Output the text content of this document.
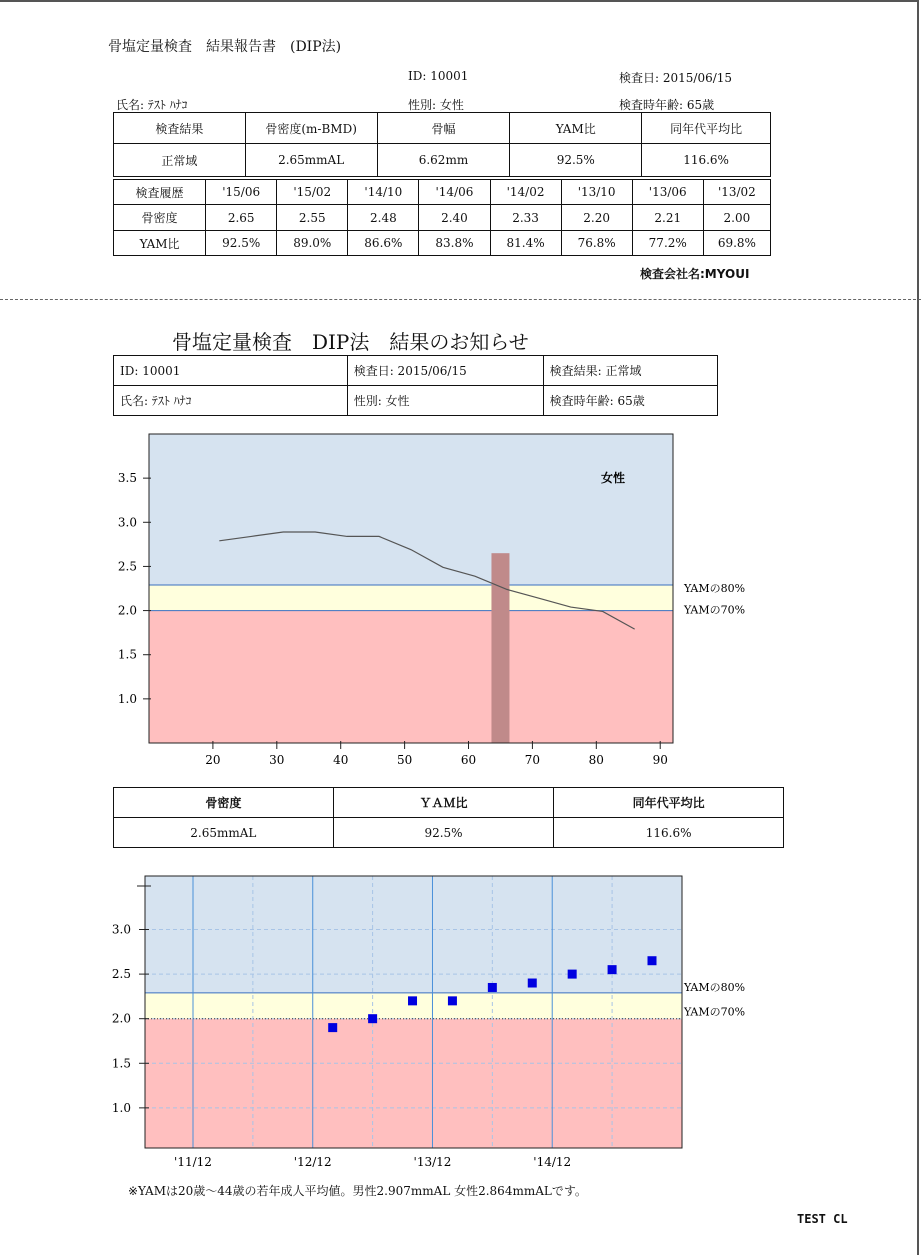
骨塩定量検査　結果報告書　(DIP法)
ID: 10001	検査日: 2015/06/15
氏名: ﾃｽﾄ ﾊﾅｺ	性別: 女性	検査時年齢: 65歳
検査結果	骨密度(m-BMD)	骨幅	YAM比	同年代平均比
正常域	2.65mmAL	6.62mm	92.5%	116.6%
検査履歴	'15/06	'15/02	'14/10	'14/06	'14/02	'13/10	'13/06	'13/02
骨密度	2.65	2.55	2.48	2.40	2.33	2.20	2.21	2.00
YAM比	92.5%	89.0%	86.6%	83.8%	81.4%	76.8%	77.2%	69.8%
検査会社名:MYOUI
骨塩定量検査　DIP法　結果のお知らせ
ID: 10001	検査日: 2015/06/15	検査結果: 正常域
氏名: ﾃｽﾄ ﾊﾅｺ	性別: 女性	検査時年齢: 65歳
1.0
1.5
2.0
2.5
3.0
3.5
20	30	40	50	60	70	80	90
YAMの80%
YAMの70%
女性
骨密度	ＹＡＭ比	同年代平均比
2.65mmAL	92.5%	116.6%
1.0
1.5
2.0
2.5
3.0
'11/12	'12/12	'13/12	'14/12
YAMの80%
YAMの70%
※YAMは20歳～44歳の若年成人平均値。男性2.907mmAL 女性2.864mmALです。
TEST CL
